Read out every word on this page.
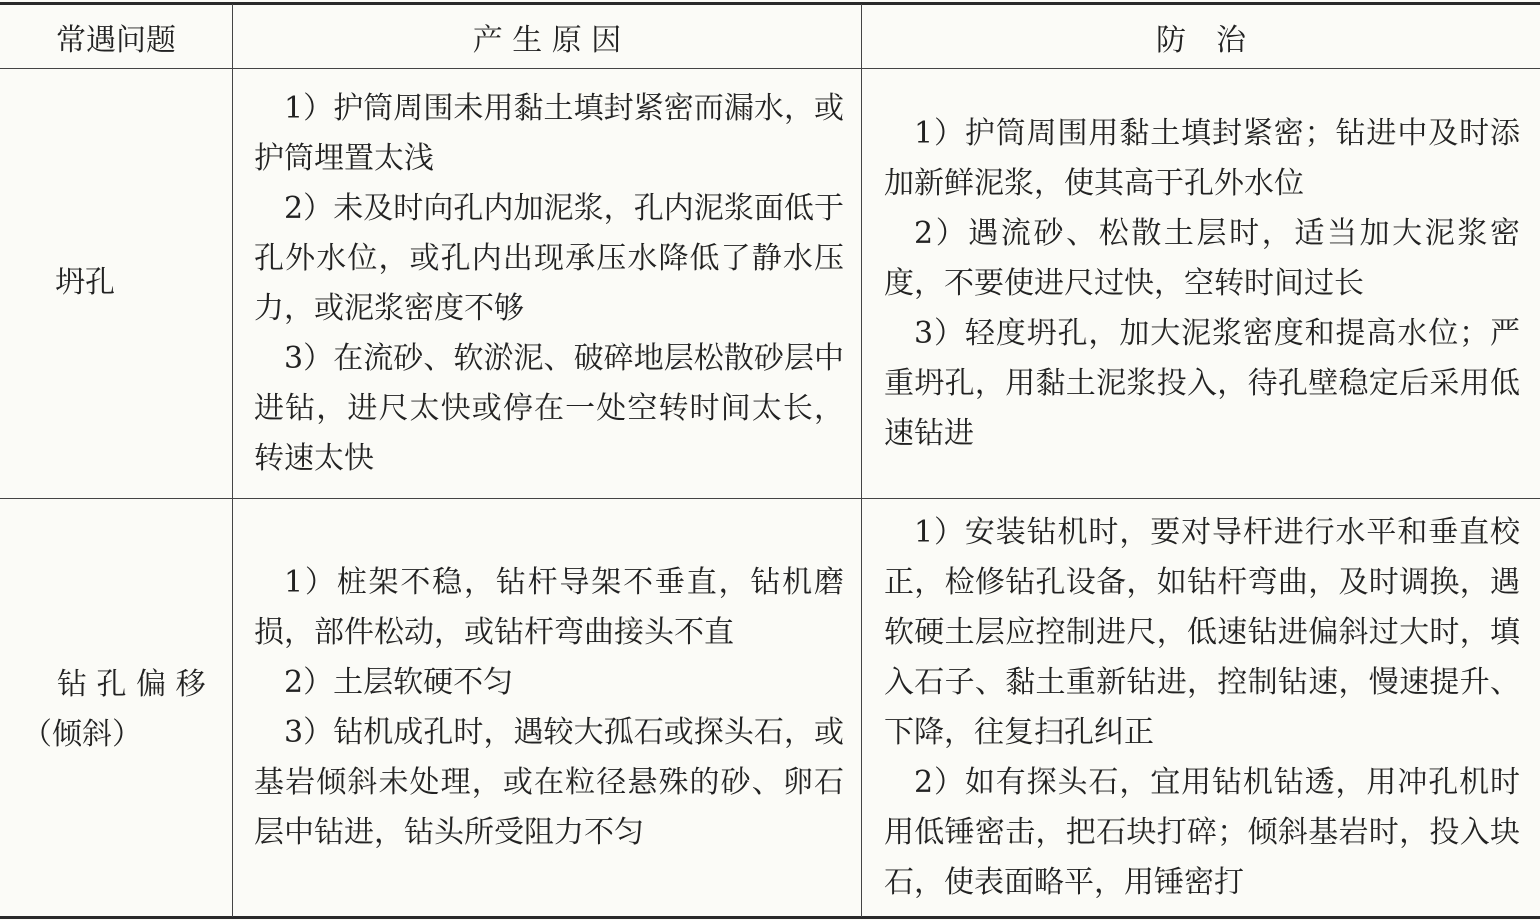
常遇问题	产 生 原 因	防　治
坍孔

1）护筒周围未用黏土填封紧密而漏水，或护筒埋置太浅

2）未及时向孔内加泥浆，孔内泥浆面低于孔外水位，或孔内出现承压水降低了静水压力，或泥浆密度不够

3）在流砂、软淤泥、破碎地层松散砂层中进钻，进尺太快或停在一处空转时间太长，转速太快

1）护筒周围用黏土填封紧密；钻进中及时添加新鲜泥浆，使其高于孔外水位

2）遇流砂、松散土层时，适当加大泥浆密度，不要使进尺过快，空转时间过长

3）轻度坍孔，加大泥浆密度和提高水位；严重坍孔，用黏土泥浆投入，待孔壁稳定后采用低速钻进

钻 孔 偏 移
（倾斜）

1）桩架不稳，钻杆导架不垂直，钻机磨损，部件松动，或钻杆弯曲接头不直

2）土层软硬不匀

3）钻机成孔时，遇较大孤石或探头石，或基岩倾斜未处理，或在粒径悬殊的砂、卵石层中钻进，钻头所受阻力不匀

1）安装钻机时，要对导杆进行水平和垂直校正，检修钻孔设备，如钻杆弯曲，及时调换，遇软硬土层应控制进尺，低速钻进偏斜过大时，填入石子、黏土重新钻进，控制钻速，慢速提升、下降，往复扫孔纠正

2）如有探头石，宜用钻机钻透，用冲孔机时用低锤密击，把石块打碎；倾斜基岩时，投入块石，使表面略平，用锤密打
